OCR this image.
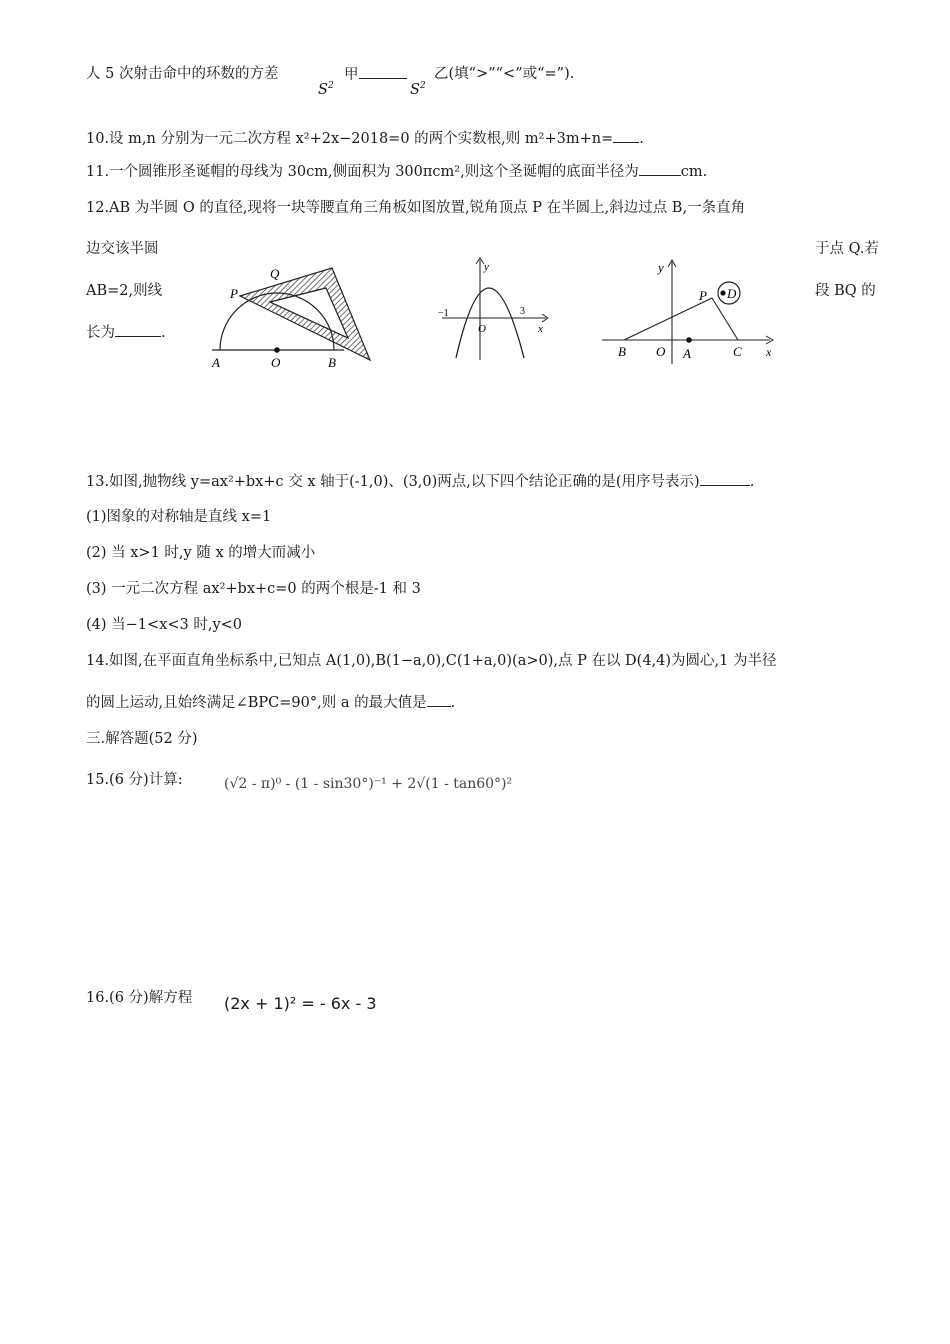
人 5 次射击命中的环数的方差
$S^2$
甲
$S^2$
乙(填“>”“<”或“=”).
10.设 m,n 分别为一元二次方程 x²+2x−2018=0 的两个实数根,则 m²+3m+n= .
11.一个圆锥形圣诞帽的母线为 30cm,侧面积为 300πcm²,则这个圣诞帽的底面半径为	cm.
12.AB 为半圆 O 的直径,现将一块等腰直角三角板如图放置,锐角顶点 P 在半圆上,斜边过点 B,一条直角
边交该半圆	于点 Q.若
AB=2,则线	段 BQ 的
长为	.
P
Q
A	O	B
y
x
O
−1	3
y
x
P D
B O A	C
13.如图,抛物线 y=ax²+bx+c 交 x 轴于(-1,0)、(3,0)两点,以下四个结论正确的是(用序号表示)	.
(1)图象的对称轴是直线 x=1
(2) 当 x>1 时,y 随 x 的增大而减小
(3) 一元二次方程 ax²+bx+c=0 的两个根是-1 和 3
(4) 当−1<x<3 时,y<0
14.如图,在平面直角坐标系中,已知点 A(1,0),B(1−a,0),C(1+a,0)(a>0),点 P 在以 D(4,4)为圆心,1 为半径
的圆上运动,且始终满足∠BPC=90°,则 a 的最大值是 .
三.解答题(52 分)
15.(6 分)计算:	(√2 - π)⁰ - (1 - sin30°)⁻¹ + 2√(1 - tan60°)²
16.(6 分)解方程 (2x + 1)² = - 6x - 3
